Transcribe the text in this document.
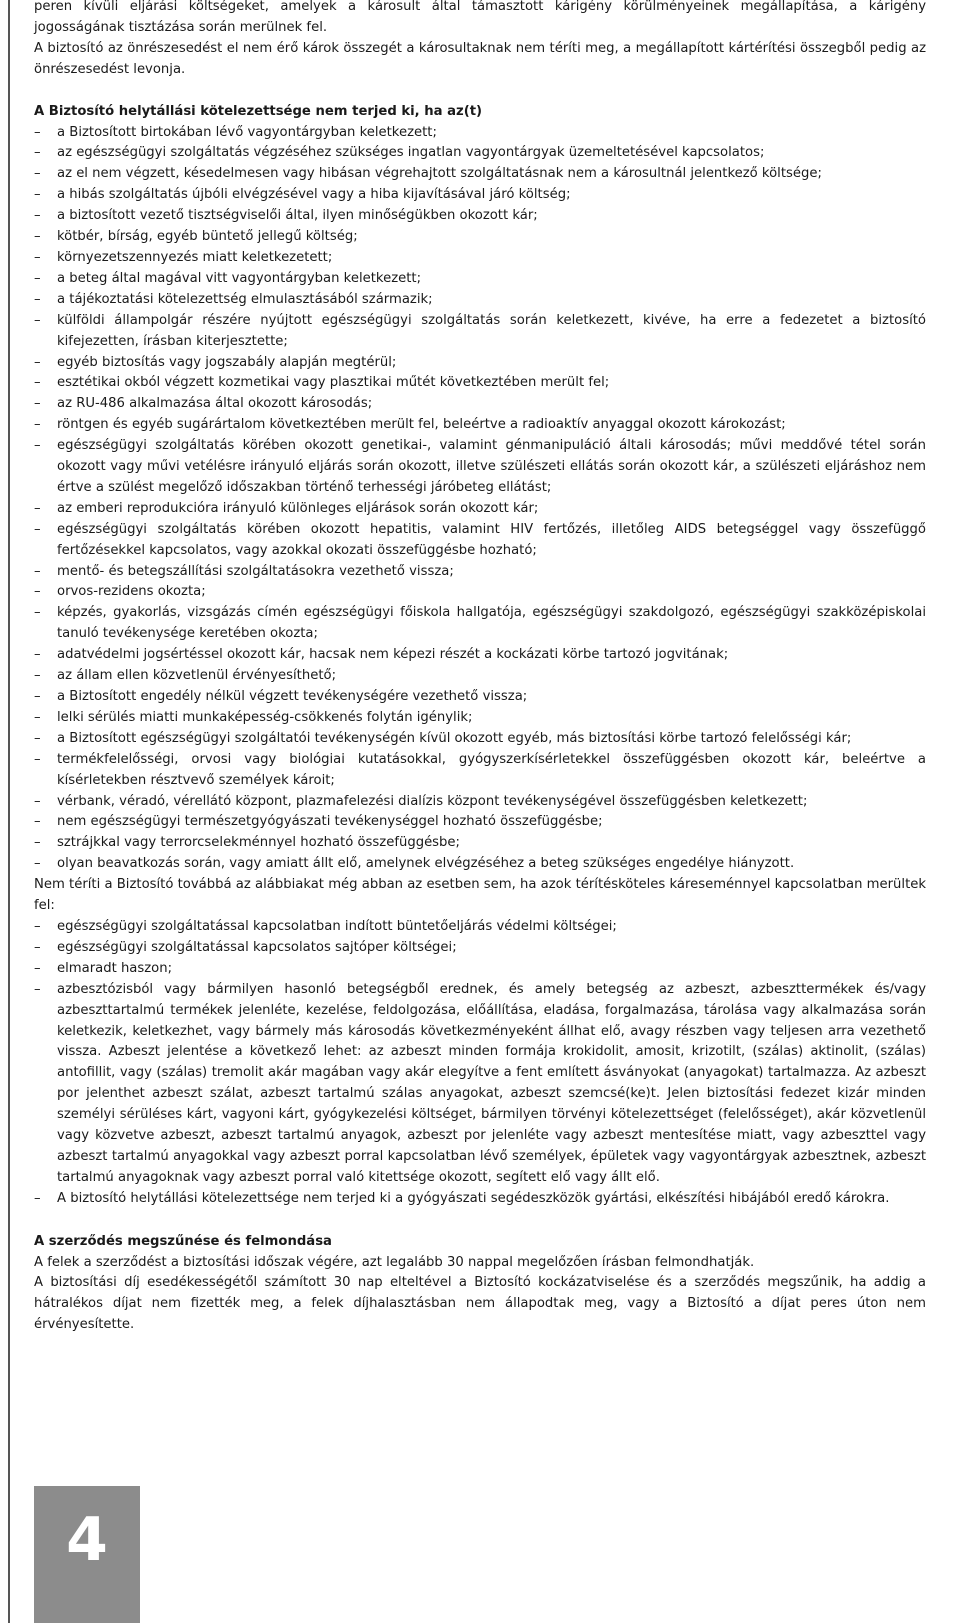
peren kívüli eljárási költségeket, amelyek a károsult által támasztott kárigény körülményeinek megállapítása, a kárigény jogosságának tisztázása során merülnek fel.

A biztosító az önrészesedést el nem érő károk összegét a károsultaknak nem téríti meg, a megállapított kártérítési összegből pedig az önrészesedést levonja.

A Biztosító helytállási kötelezettsége nem terjed ki, ha az(t)

– a Biztosított birtokában lévő vagyontárgyban keletkezett;
– az egészségügyi szolgáltatás végzéséhez szükséges ingatlan vagyontárgyak üzemeltetésével kapcsolatos;
– az el nem végzett, késedelmesen vagy hibásan végrehajtott szolgáltatásnak nem a károsultnál jelentkező költsége;
– a hibás szolgáltatás újbóli elvégzésével vagy a hiba kijavításával járó költség;
– a biztosított vezető tisztségviselői által, ilyen minőségükben okozott kár;
– kötbér, bírság, egyéb büntető jellegű költség;
– környezetszennyezés miatt keletkezetett;
– a beteg által magával vitt vagyontárgyban keletkezett;
– a tájékoztatási kötelezettség elmulasztásából származik;
– külföldi állampolgár részére nyújtott egészségügyi szolgáltatás során keletkezett, kivéve, ha erre a fedezetet a biztosító kifejezetten, írásban kiterjesztette;
– egyéb biztosítás vagy jogszabály alapján megtérül;
– esztétikai okból végzett kozmetikai vagy plasztikai műtét következtében merült fel;
– az RU-486 alkalmazása által okozott károsodás;
– röntgen és egyéb sugárártalom következtében merült fel, beleértve a radioaktív anyaggal okozott károkozást;
– egészségügyi szolgáltatás körében okozott genetikai-, valamint génmanipuláció általi károsodás; művi meddővé tétel során okozott vagy művi vetélésre irányuló eljárás során okozott, illetve szülészeti ellátás során okozott kár, a szülészeti eljáráshoz nem értve a szülést megelőző időszakban történő terhességi járóbeteg ellátást;
– az emberi reprodukcióra irányuló különleges eljárások során okozott kár;
– egészségügyi szolgáltatás körében okozott hepatitis, valamint HIV fertőzés, illetőleg AIDS betegséggel vagy összefüggő fertőzésekkel kapcsolatos, vagy azokkal okozati összefüggésbe hozható;
– mentő- és betegszállítási szolgáltatásokra vezethető vissza;
– orvos-rezidens okozta;
– képzés, gyakorlás, vizsgázás címén egészségügyi főiskola hallgatója, egészségügyi szakdolgozó, egészségügyi szakközépiskolai tanuló tevékenysége keretében okozta;
– adatvédelmi jogsértéssel okozott kár, hacsak nem képezi részét a kockázati körbe tartozó jogvitának;
– az állam ellen közvetlenül érvényesíthető;
– a Biztosított engedély nélkül végzett tevékenységére vezethető vissza;
– lelki sérülés miatti munkaképesség-csökkenés folytán igénylik;
– a Biztosított egészségügyi szolgáltatói tevékenységén kívül okozott egyéb, más biztosítási körbe tartozó felelősségi kár;
– termékfelelősségi, orvosi vagy biológiai kutatásokkal, gyógyszerkísérletekkel összefüggésben okozott kár, beleértve a kísérletekben résztvevő személyek károit;
– vérbank, véradó, vérellátó központ, plazmafelezési dialízis központ tevékenységével összefüggésben keletkezett;
– nem egészségügyi természetgyógyászati tevékenységgel hozható összefüggésbe;
– sztrájkkal vagy terrorcselekménnyel hozható összefüggésbe;
– olyan beavatkozás során, vagy amiatt állt elő, amelynek elvégzéséhez a beteg szükséges engedélye hiányzott.

Nem téríti a Biztosító továbbá az alábbiakat még abban az esetben sem, ha azok térítésköteles káreseménnyel kapcsolatban merültek fel:

– egészségügyi szolgáltatással kapcsolatban indított büntetőeljárás védelmi költségei;
– egészségügyi szolgáltatással kapcsolatos sajtóper költségei;
– elmaradt haszon;
– azbesztózisból vagy bármilyen hasonló betegségből erednek, és amely betegség az azbeszt, azbeszttermékek és/vagy azbeszttartalmú termékek jelenléte, kezelése, feldolgozása, előállítása, eladása, forgalmazása, tárolása vagy alkalmazása során keletkezik, keletkezhet, vagy bármely más károsodás következményeként állhat elő, avagy részben vagy teljesen arra vezethető vissza. Azbeszt jelentése a következő lehet: az azbeszt minden formája krokidolit, amosit, krizotilt, (szálas) aktinolit, (szálas) antofillit, vagy (szálas) tremolit akár magában vagy akár elegyítve a fent említett ásványokat (anyagokat) tartalmazza. Az azbeszt por jelenthet azbeszt szálat, azbeszt tartalmú szálas anyagokat, azbeszt szemcsé(ke)t. Jelen biztosítási fedezet kizár minden személyi sérüléses kárt, vagyoni kárt, gyógykezelési költséget, bármilyen törvényi kötelezettséget (felelősséget), akár közvetlenül vagy közvetve azbeszt, azbeszt tartalmú anyagok, azbeszt por jelenléte vagy azbeszt mentesítése miatt, vagy azbeszttel vagy azbeszt tartalmú anyagokkal vagy azbeszt porral kapcsolatban lévő személyek, épületek vagy vagyontárgyak azbesztnek, azbeszt tartalmú anyagoknak vagy azbeszt porral való kitettsége okozott, segített elő vagy állt elő.
– A biztosító helytállási kötelezettsége nem terjed ki a gyógyászati segédeszközök gyártási, elkészítési hibájából eredő károkra.

A szerződés megszűnése és felmondása

A felek a szerződést a biztosítási időszak végére, azt legalább 30 nappal megelőzően írásban felmondhatják.

A biztosítási díj esedékességétől számított 30 nap elteltével a Biztosító kockázatviselése és a szerződés megszűnik, ha addig a hátralékos díjat nem fizették meg, a felek díjhalasztásban nem állapodtak meg, vagy a Biztosító a díjat peres úton nem érvényesítette.

4
